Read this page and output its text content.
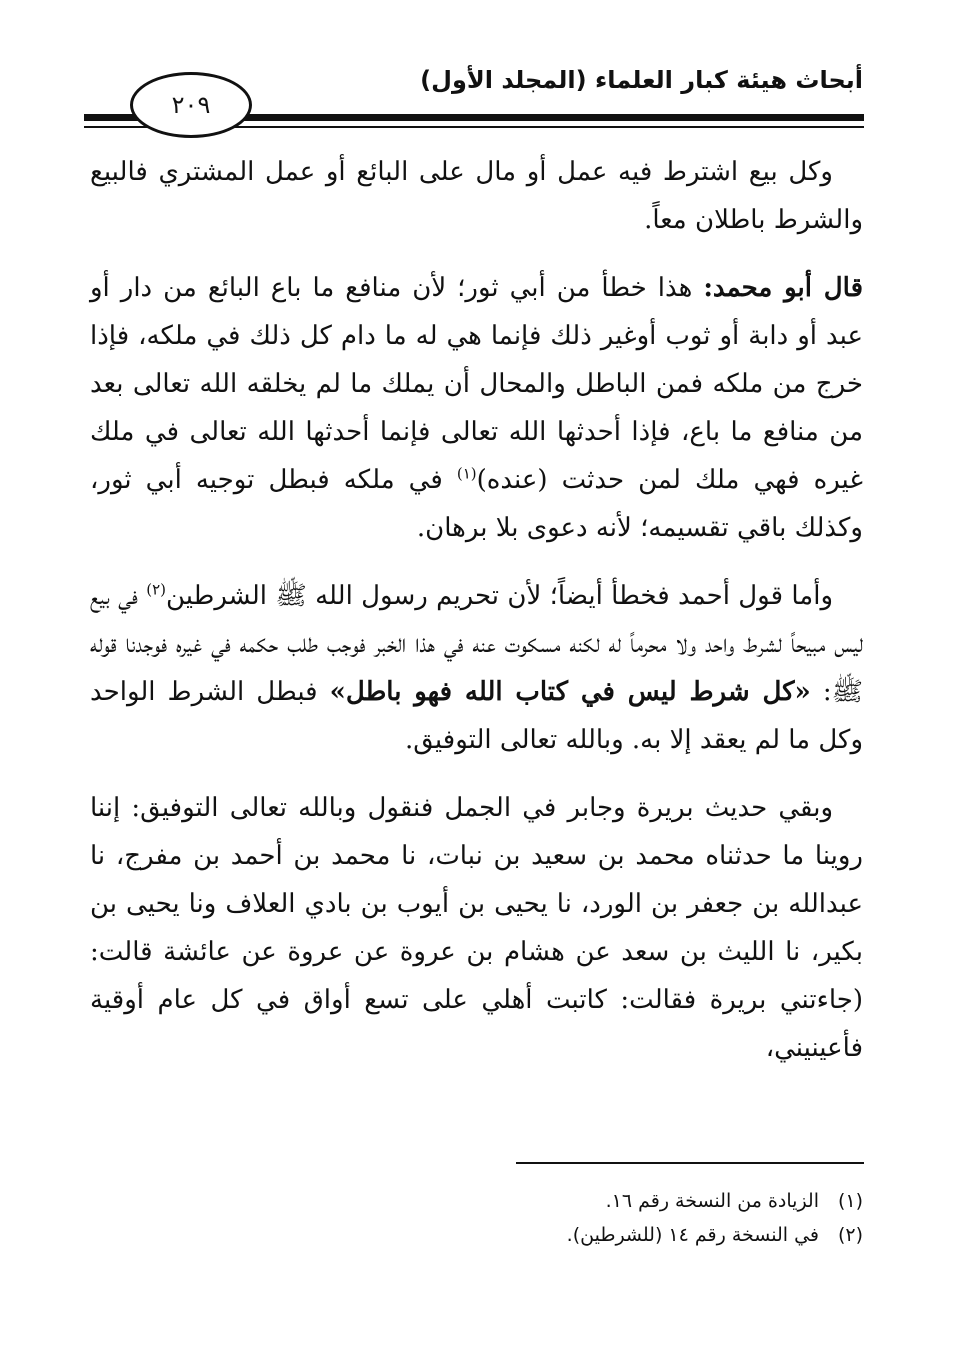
أبحاث هيئة كبار العلماء (المجلد الأول)
٢٠٩

وكل بيع اشترط فيه عمل أو مال على البائع أو عمل المشتري فالبيع والشرط باطلان معاً.

قال أبو محمد: هذا خطأ من أبي ثور؛ لأن منافع ما باع البائع من دار أو عبد أو دابة أو ثوب أوغير ذلك فإنما هي له ما دام كل ذلك في ملكه، فإذا خرج من ملكه فمن الباطل والمحال أن يملك ما لم يخلقه الله تعالى بعد من منافع ما باع، فإذا أحدثها الله تعالى فإنما أحدثها الله تعالى في ملك غيره فهي ملك لمن حدثت (عنده)$^{(١)}$ في ملكه فبطل توجيه أبي ثور، وكذلك باقي تقسيمه؛ لأنه دعوى بلا برهان.

وأما قول أحمد فخطأ أيضاً؛ لأن تحريم رسول الله ﷺ الشرطين$^{(٢)}$ في بيع ليس مبيحاً لشرط واحد ولا محرماً له لكنه مسكوت عنه في هذا الخبر فوجب طلب حكمه في غيره فوجدنا قوله ﷺ: «كل شرط ليس في كتاب الله فهو باطل» فبطل الشرط الواحد وكل ما لم يعقد إلا به. وبالله تعالى التوفيق.

وبقي حديث بريرة وجابر في الجمل فنقول وبالله تعالى التوفيق: إننا روينا ما حدثناه محمد بن سعيد بن نبات، نا محمد بن أحمد بن مفرج، نا عبدالله بن جعفر بن الورد، نا يحيى بن أيوب بن بادي العلاف ونا يحيى بن بكير، نا الليث بن سعد عن هشام بن عروة عن عروة عن عائشة قالت: (جاءتني بريرة فقالت: كاتبت أهلي على تسع أواق في كل عام أوقية فأعينيني،

(١)
الزيادة من النسخة رقم ١٦.
(٢)
في النسخة رقم ١٤ (للشرطين).
